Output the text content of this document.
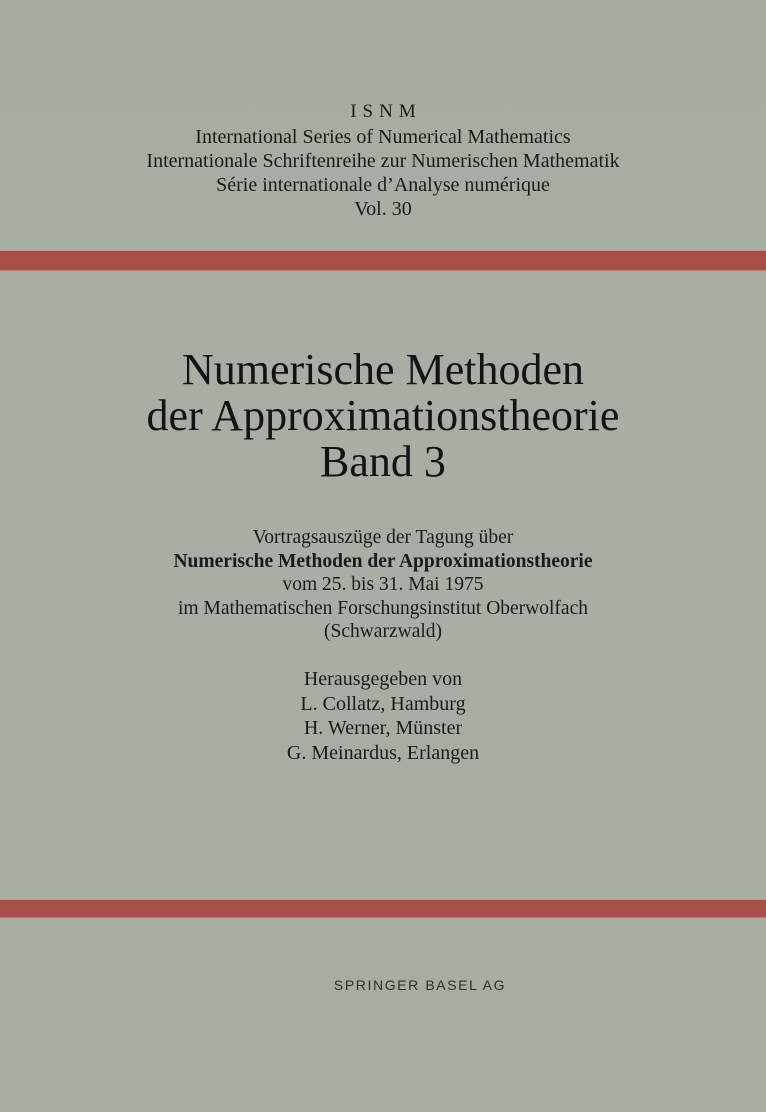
ISNM
International Series of Numerical Mathematics
Internationale Schriftenreihe zur Numerischen Mathematik
Série internationale d’Analyse numérique
Vol. 30
Numerische Methoden
der Approximationstheorie
Band 3
Vortragsauszüge der Tagung über
Numerische Methoden der Approximationstheorie
vom 25. bis 31. Mai 1975
im Mathematischen Forschungsinstitut Oberwolfach
(Schwarzwald)
Herausgegeben von
L. Collatz, Hamburg
H. Werner, Münster
G. Meinardus, Erlangen
SPRINGER BASEL AG
